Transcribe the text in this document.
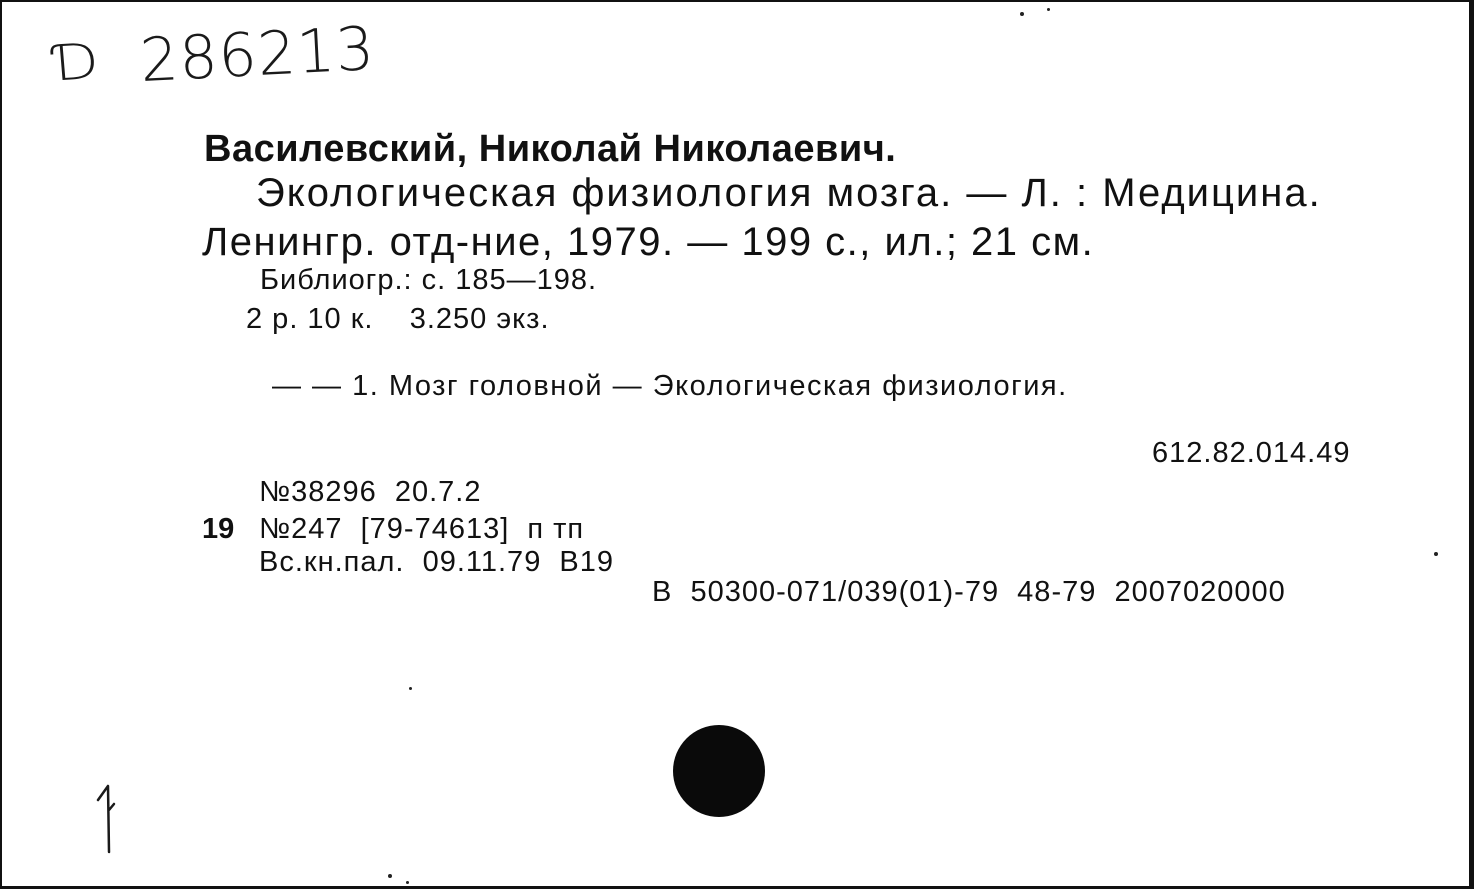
Ɗ 286213
Василевский, Николай Николаевич.
Экологическая физиология мозга. — Л. : Медицина.
Ленингр. отд-ние, 1979. — 199 с., ил.; 21 см.
Библиогр.: с. 185—198.
2 р. 10 к.    3.250 экз.
— — 1. Мозг головной — Экологическая физиология.
612.82.014.49
№38296  20.7.2
19 №247  [79-74613]  п тп
Вс.кн.пал.  09.11.79  В19
В  50300-071/039(01)-79  48-79  2007020000
